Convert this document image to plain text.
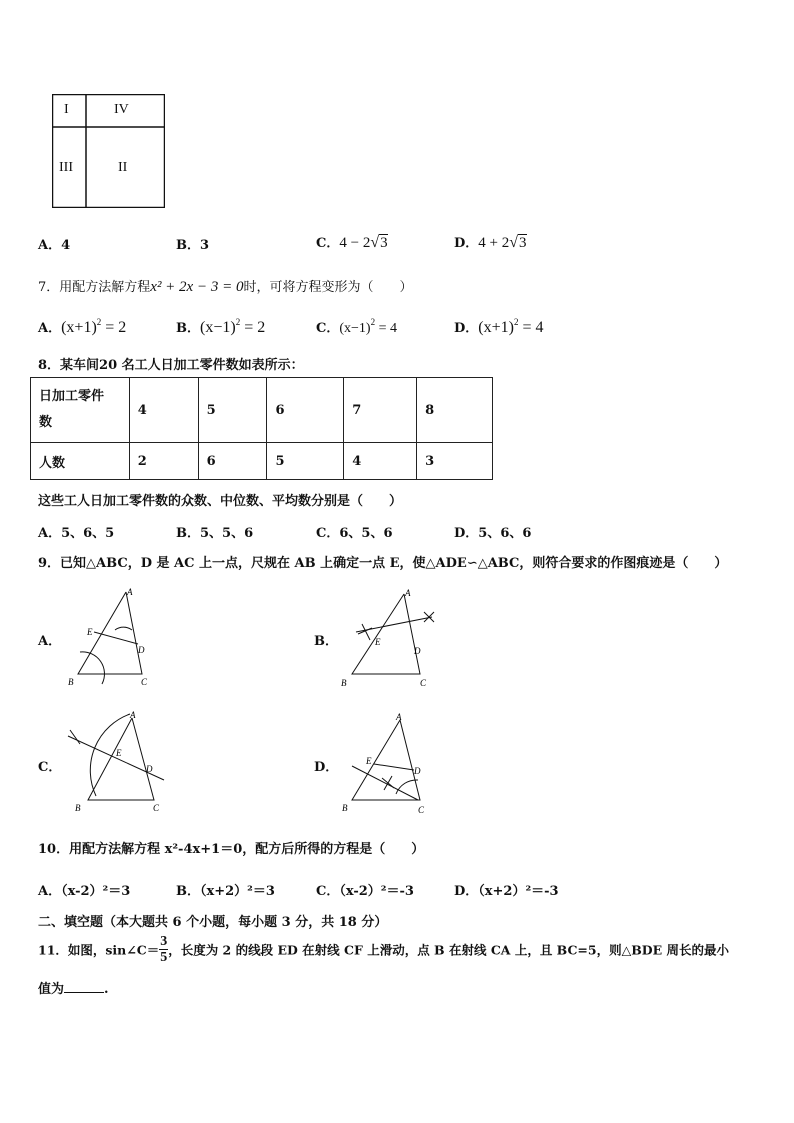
I	IV
III	II
A．4	B．3	C．4 − 2√3	D．4 + 2√3
7．用配方法解方程x² + 2x − 3 = 0时，可将方程变形为（　　）
A．$(x+1)^2 = 2$	B．$(x-1)^2 = 2$	C．$(x-1)^2 = 4$	D．$(x+1)^2 = 4$
8．某车间20 名工人日加工零件数如表所示：
日加工零件
数	4	5	6	7	8
人数	2	6	5	4	3
这些工人日加工零件数的众数、中位数、平均数分别是（　　）
A．5、6、5	B．5、5、6	C．6、5、6	D．5、6、6
9．已知△ABC，D 是 AC 上一点，尺规在 AB 上确定一点 E，使△ADE∽△ABC，则符合要求的作图痕迹是（　　）
A．	B．
C．	D．
A
B	C
D
E
A
B	C
D
E
A
B	C
D
E
A
B	C
D
E
10．用配方法解方程 x²-4x+1＝0，配方后所得的方程是（　　）
A．（x-2）²＝3	B．（x+2）²＝3	C．（x-2）²＝-3	D．（x+2）²＝-3
二、填空题（本大题共 6 个小题，每小题 3 分，共 18 分）
11．如图，sin∠C＝ $\frac{3}{5}$ ，长度为 2 的线段 ED 在射线 CF 上滑动，点 B 在射线 CA 上，且 BC=5，则△BDE 周长的最小
值为	.
